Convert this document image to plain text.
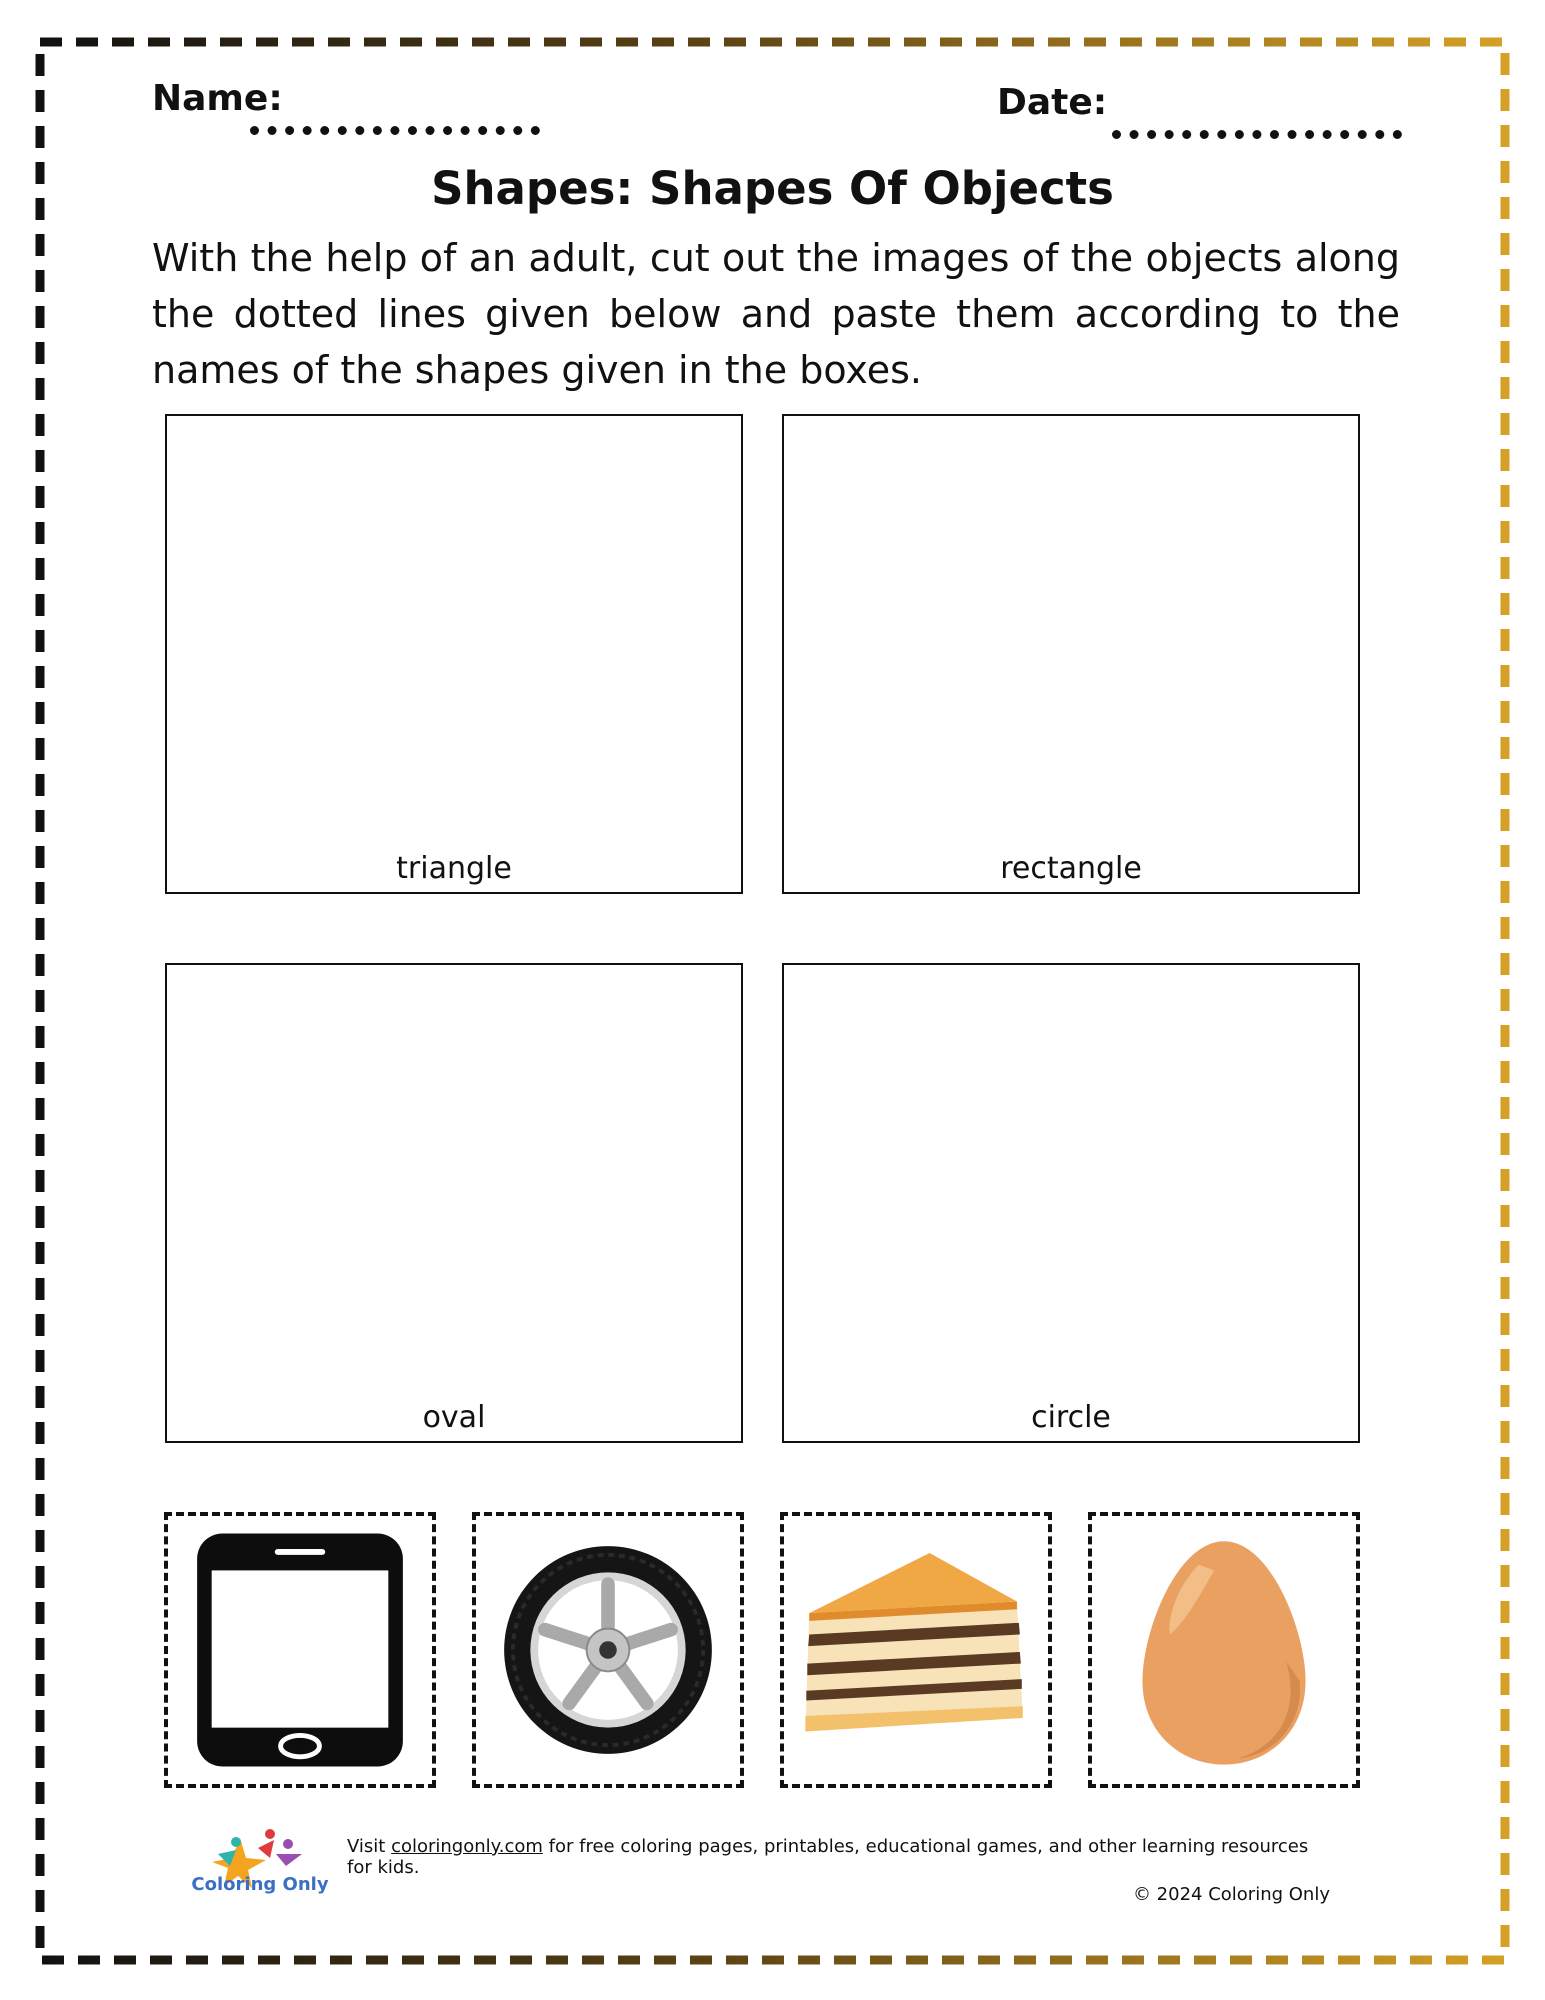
Name:	Date:
Shapes: Shapes Of Objects

With the help of an adult, cut out the images of the objects along the dotted lines given below and paste them according to the names of the shapes given in the boxes.

triangle	rectangle
oval	circle
Coloring Only
Visit coloringonly.com for free coloring pages, printables, educational games, and other learning resources for kids.
© 2024 Coloring Only
